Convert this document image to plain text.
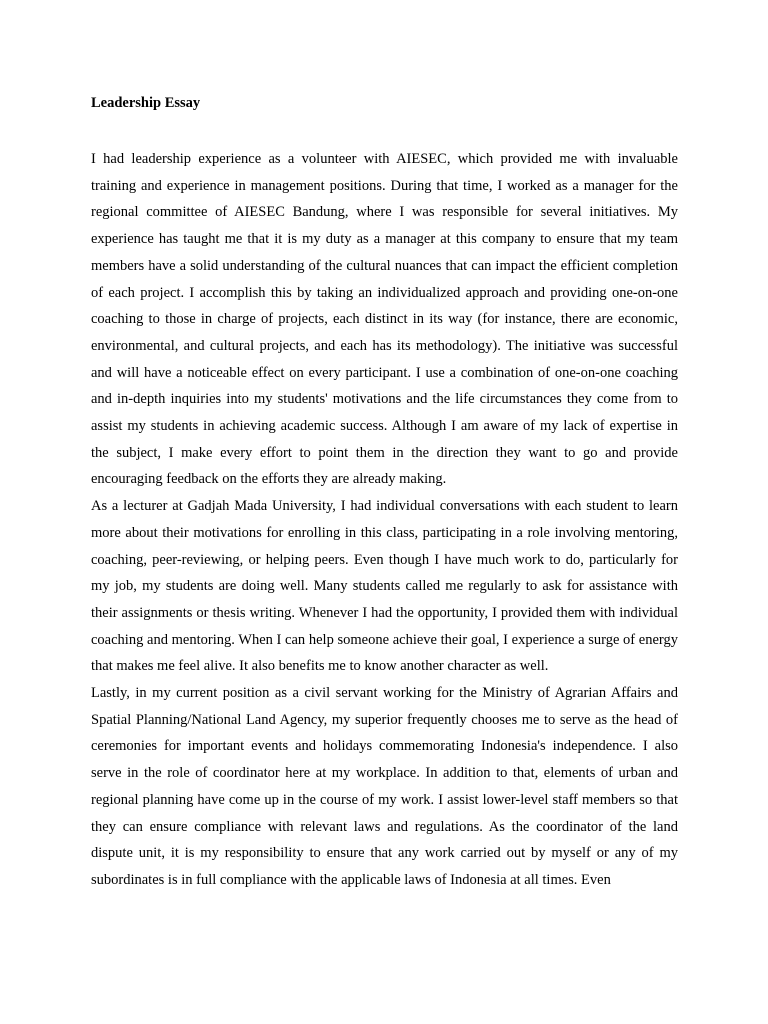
Leadership Essay

I had leadership experience as a volunteer with AIESEC, which provided me with invaluable training and experience in management positions. During that time, I worked as a manager for the regional committee of AIESEC Bandung, where I was responsible for several initiatives. My experience has taught me that it is my duty as a manager at this company to ensure that my team members have a solid understanding of the cultural nuances that can impact the efficient completion of each project. I accomplish this by taking an individualized approach and providing one-on-one coaching to those in charge of projects, each distinct in its way (for instance, there are economic, environmental, and cultural projects, and each has its methodology). The initiative was successful and will have a noticeable effect on every participant. I use a combination of one-on-one coaching and in-depth inquiries into my students' motivations and the life circumstances they come from to assist my students in achieving academic success. Although I am aware of my lack of expertise in the subject, I make every effort to point them in the direction they want to go and provide encouraging feedback on the efforts they are already making.

As a lecturer at Gadjah Mada University, I had individual conversations with each student to learn more about their motivations for enrolling in this class, participating in a role involving mentoring, coaching, peer-reviewing, or helping peers. Even though I have much work to do, particularly for my job, my students are doing well. Many students called me regularly to ask for assistance with their assignments or thesis writing. Whenever I had the opportunity, I provided them with individual coaching and mentoring. When I can help someone achieve their goal, I experience a surge of energy that makes me feel alive. It also benefits me to know another character as well.

Lastly, in my current position as a civil servant working for the Ministry of Agrarian Affairs and Spatial Planning/National Land Agency, my superior frequently chooses me to serve as the head of ceremonies for important events and holidays commemorating Indonesia's independence. I also serve in the role of coordinator here at my workplace. In addition to that, elements of urban and regional planning have come up in the course of my work. I assist lower-level staff members so that they can ensure compliance with relevant laws and regulations. As the coordinator of the land dispute unit, it is my responsibility to ensure that any work carried out by myself or any of my subordinates is in full compliance with the applicable laws of Indonesia at all times. Even
